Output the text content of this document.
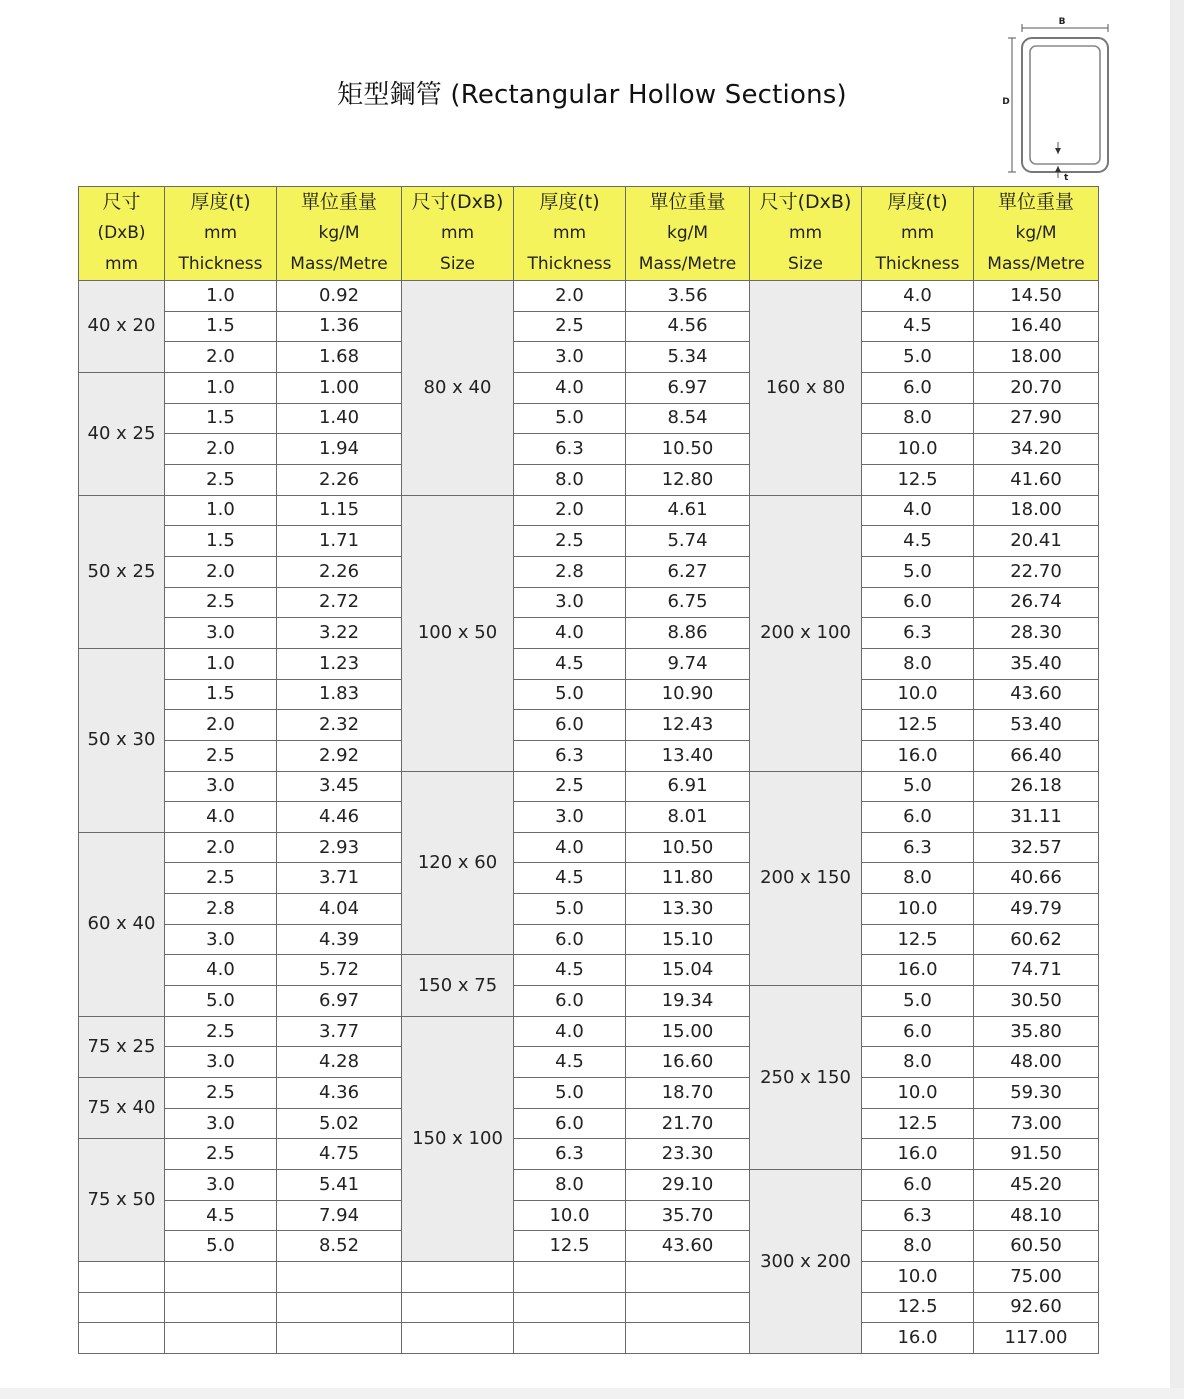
矩型鋼管 (Rectangular Hollow Sections)
B
D
t
尺寸	厚度(t)	單位重量	尺寸(DxB)	厚度(t)	單位重量	尺寸(DxB)	厚度(t)	單位重量
(DxB)	mm	kg/M	mm	mm	kg/M	mm	mm	kg/M
mm	Thickness	Mass/Metre	Size	Thickness	Mass/Metre	Size	Thickness	Mass/Metre
40 x 20	1.0	0.92	80 x 40	2.0	3.56	160 x 80	4.0	14.50
	1.5	1.36		2.5	4.56		4.5	16.40
	2.0	1.68		3.0	5.34		5.0	18.00
40 x 25	1.0	1.00		4.0	6.97		6.0	20.70
	1.5	1.40		5.0	8.54		8.0	27.90
	2.0	1.94		6.3	10.50		10.0	34.20
	2.5	2.26		8.0	12.80		12.5	41.60
50 x 25	1.0	1.15	100 x 50	2.0	4.61	200 x 100	4.0	18.00
	1.5	1.71		2.5	5.74		4.5	20.41
	2.0	2.26		2.8	6.27		5.0	22.70
	2.5	2.72		3.0	6.75		6.0	26.74
	3.0	3.22		4.0	8.86		6.3	28.30
50 x 30	1.0	1.23		4.5	9.74		8.0	35.40
	1.5	1.83		5.0	10.90		10.0	43.60
	2.0	2.32		6.0	12.43		12.5	53.40
	2.5	2.92		6.3	13.40		16.0	66.40
	3.0	3.45	120 x 60	2.5	6.91	200 x 150	5.0	26.18
	4.0	4.46		3.0	8.01		6.0	31.11
60 x 40	2.0	2.93		4.0	10.50		6.3	32.57
	2.5	3.71		4.5	11.80		8.0	40.66
	2.8	4.04		5.0	13.30		10.0	49.79
	3.0	4.39		6.0	15.10		12.5	60.62
	4.0	5.72	150 x 75	4.5	15.04		16.0	74.71
	5.0	6.97		6.0	19.34	250 x 150	5.0	30.50
75 x 25	2.5	3.77	150 x 100	4.0	15.00		6.0	35.80
	3.0	4.28		4.5	16.60		8.0	48.00
75 x 40	2.5	4.36		5.0	18.70		10.0	59.30
	3.0	5.02		6.0	21.70		12.5	73.00
75 x 50	2.5	4.75		6.3	23.30		16.0	91.50
	3.0	5.41		8.0	29.10	300 x 200	6.0	45.20
	4.5	7.94		10.0	35.70		6.3	48.10
	5.0	8.52		12.5	43.60		8.0	60.50
							10.0	75.00
							12.5	92.60
							16.0	117.00
